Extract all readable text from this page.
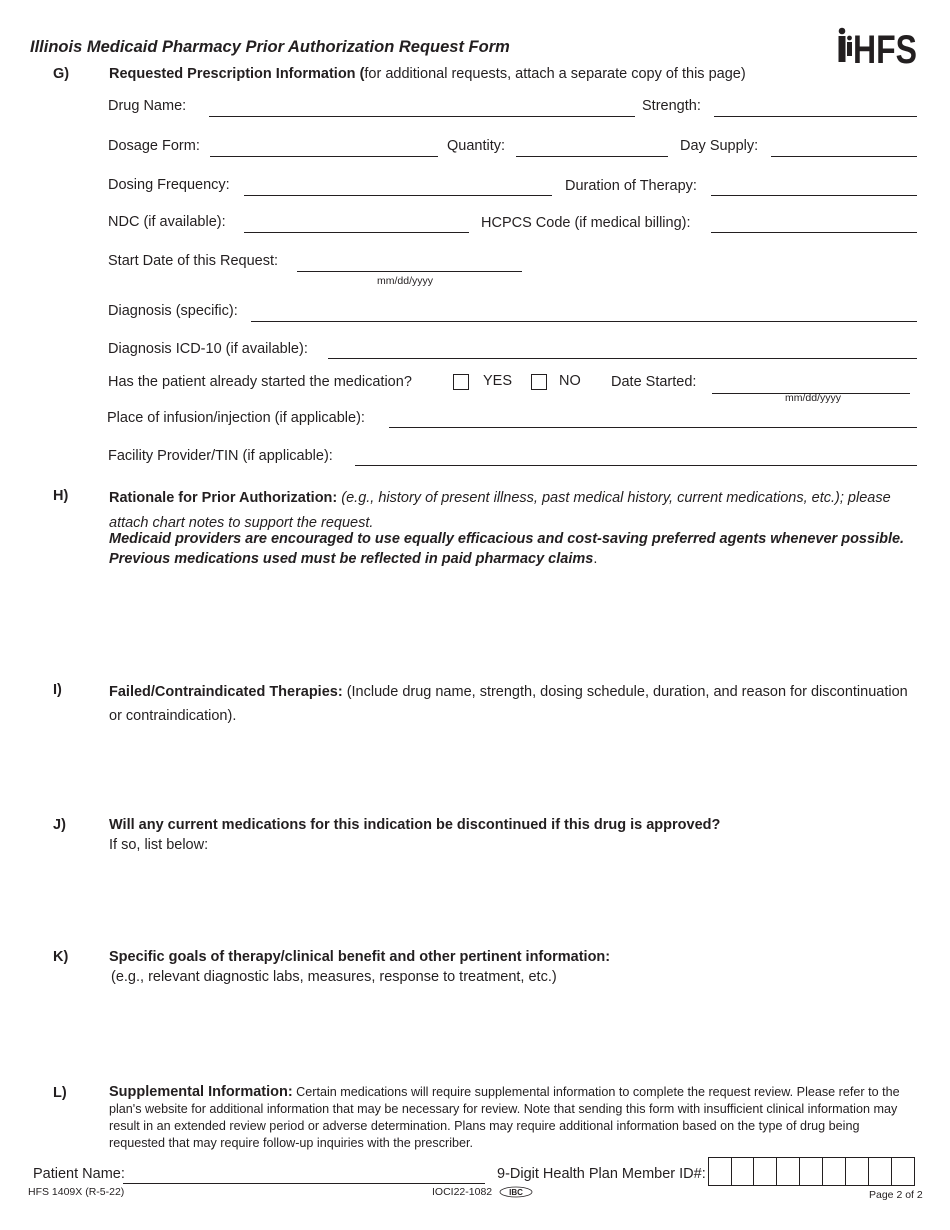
Illinois Medicaid Pharmacy Prior Authorization Request Form	HFS
G)	Requested Prescription Information (for additional requests, attach a separate copy of this page)
Drug Name:	Strength:
Dosage Form:	Quantity:	Day Supply:
Dosing Frequency:	Duration of Therapy:
NDC (if available):	HCPCS Code (if medical billing):
Start Date of this Request:
mm/dd/yyyy
Diagnosis (specific):
Diagnosis ICD-10 (if available):
Has the patient already started the medication?	YES	NO Date Started:
mm/dd/yyyy
Place of infusion/injection (if applicable):
Facility Provider/TIN (if applicable):
H)	Rationale for Prior Authorization: (e.g., history of present illness, past medical history, current medications, etc.); please attach chart notes to support the request.
Medicaid providers are encouraged to use equally efficacious and cost-saving preferred agents whenever possible. Previous medications used must be reflected in paid pharmacy claims.
I)	Failed/Contraindicated Therapies: (Include drug name, strength, dosing schedule, duration, and reason for discontinuation or contraindication).
J)	Will any current medications for this indication be discontinued if this drug is approved?
If so, list below:
K)	Specific goals of therapy/clinical benefit and other pertinent information:
(e.g., relevant diagnostic labs, measures, response to treatment, etc.)
L)	Supplemental Information: Certain medications will require supplemental information to complete the request review. Please refer to the plan's website for additional information that may be necessary for review. Note that sending this form with insufficient clinical information may result in an extended review period or adverse determination. Plans may require additional information based on the type of drug being requested that may require follow-up inquiries with the prescriber.
Patient Name:	9-Digit Health Plan Member ID#:
HFS 1409X (R-5-22)	IOCI22-1082 IBC	Page 2 of 2
